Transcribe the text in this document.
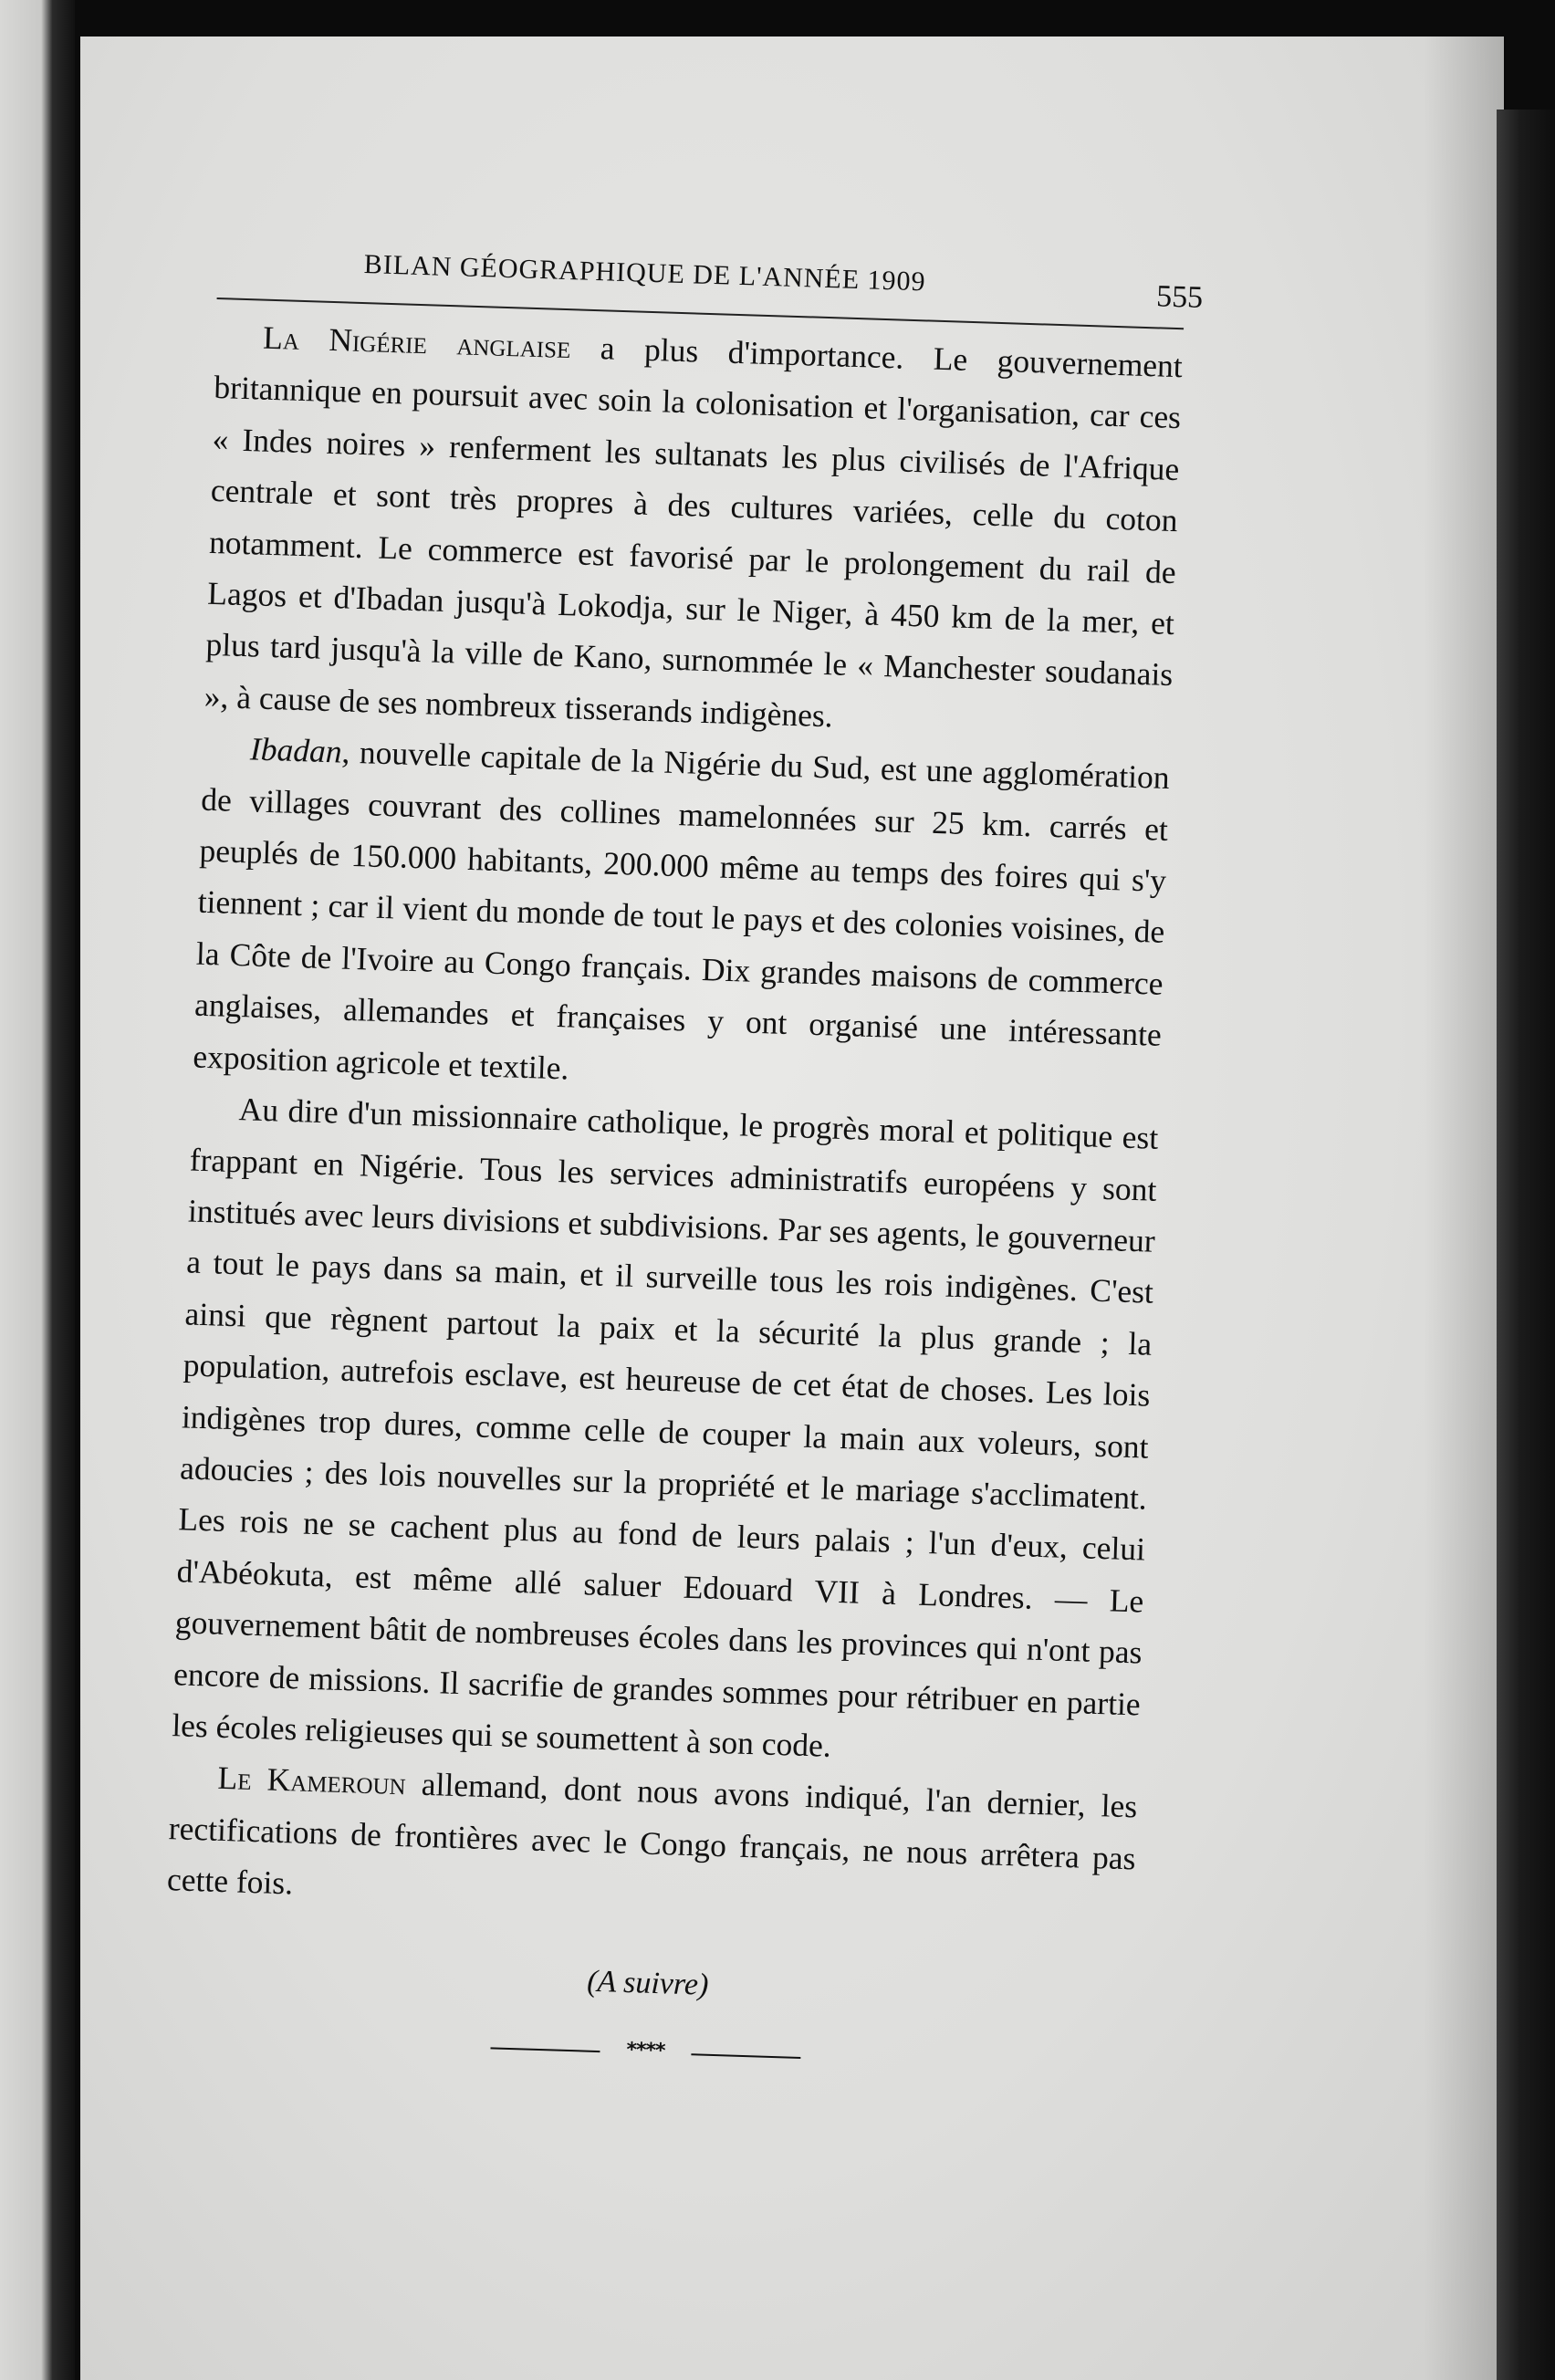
BILAN GÉOGRAPHIQUE DE L'ANNÉE 1909
555

La Nigérie anglaise a plus d'importance. Le gouvernement britannique en poursuit avec soin la colonisation et l'organisation, car ces « Indes noires » renferment les sultanats les plus civilisés de l'Afrique centrale et sont très propres à des cultures variées, celle du coton notamment. Le commerce est favorisé par le prolongement du rail de Lagos et d'Ibadan jusqu'à Lokodja, sur le Niger, à 450 km de la mer, et plus tard jusqu'à la ville de Kano, surnommée le « Manchester soudanais », à cause de ses nombreux tisserands indigènes.

Ibadan, nouvelle capitale de la Nigérie du Sud, est une agglomération de villages couvrant des collines mamelonnées sur 25 km. carrés et peuplés de 150.000 habitants, 200.000 même au temps des foires qui s'y tiennent ; car il vient du monde de tout le pays et des colonies voisines, de la Côte de l'Ivoire au Congo français. Dix grandes maisons de commerce anglaises, allemandes et françaises y ont organisé une intéressante exposition agricole et textile.

Au dire d'un missionnaire catholique, le progrès moral et politique est frappant en Nigérie. Tous les services administratifs européens y sont institués avec leurs divisions et subdivisions. Par ses agents, le gouverneur a tout le pays dans sa main, et il surveille tous les rois indigènes. C'est ainsi que règnent partout la paix et la sécurité la plus grande ; la population, autrefois esclave, est heureuse de cet état de choses. Les lois indigènes trop dures, comme celle de couper la main aux voleurs, sont adoucies ; des lois nouvelles sur la propriété et le mariage s'acclimatent. Les rois ne se cachent plus au fond de leurs palais ; l'un d'eux, celui d'Abéokuta, est même allé saluer Edouard VII à Londres. — Le gouvernement bâtit de nombreuses écoles dans les provinces qui n'ont pas encore de missions. Il sacrifie de grandes sommes pour rétribuer en partie les écoles religieuses qui se soumettent à son code.

Le Kameroun allemand, dont nous avons indiqué, l'an dernier, les rectifications de frontières avec le Congo français, ne nous arrêtera pas cette fois.

(A suivre)
****
